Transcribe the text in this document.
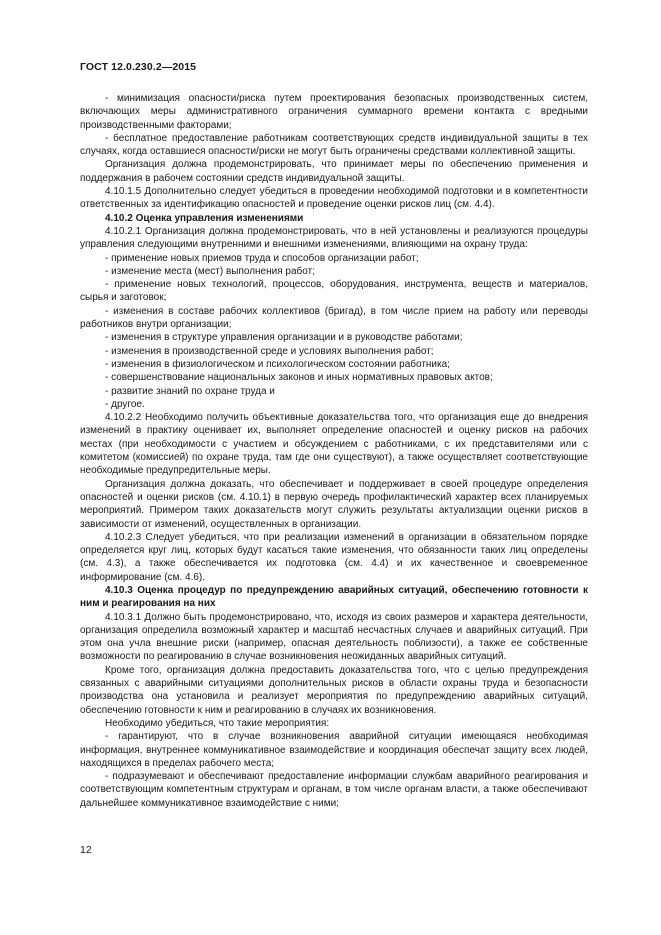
ГОСТ 12.0.230.2—2015

- минимизация опасности/риска путем проектирования безопасных производственных систем, включающих меры административного ограничения суммарного времени контакта с вредными производственными факторами;

- бесплатное предоставление работникам соответствующих средств индивидуальной защиты в тех случаях, когда оставшиеся опасности/риски не могут быть ограничены средствами коллективной защиты.

Организация должна продемонстрировать, что принимает меры по обеспечению применения и поддержания в рабочем состоянии средств индивидуальной защиты.

4.10.1.5 Дополнительно следует убедиться в проведении необходимой подготовки и в компетентности ответственных за идентификацию опасностей и проведение оценки рисков лиц (см. 4.4).

4.10.2 Оценка управления изменениями

4.10.2.1 Организация должна продемонстрировать, что в ней установлены и реализуются процедуры управления следующими внутренними и внешними изменениями, влияющими на охрану труда:

- применение новых приемов труда и способов организации работ;

- изменение места (мест) выполнения работ;

- применение новых технологий, процессов, оборудования, инструмента, веществ и материалов, сырья и заготовок;

- изменения в составе рабочих коллективов (бригад), в том числе прием на работу или переводы работников внутри организации;

- изменения в структуре управления организации и в руководстве работами;

- изменения в производственной среде и условиях выполнения работ;

- изменения в физиологическом и психологическом состоянии работника;

- совершенствование национальных законов и иных нормативных правовых актов;

- развитие знаний по охране труда и

- другое.

4.10.2.2 Необходимо получить объективные доказательства того, что организация еще до внедрения изменений в практику оценивает их, выполняет определение опасностей и оценку рисков на рабочих местах (при необходимости с участием и обсуждением с работниками, с их представителями или с комитетом (комиссией) по охране труда, там где они существуют), а также осуществляет соответствующие необходимые предупредительные меры.

Организация должна доказать, что обеспечивает и поддерживает в своей процедуре определения опасностей и оценки рисков (см. 4.10.1) в первую очередь профилактический характер всех планируемых мероприятий. Примером таких доказательств могут служить результаты актуализации оценки рисков в зависимости от изменений, осуществленных в организации.

4.10.2.3 Следует убедиться, что при реализации изменений в организации в обязательном порядке определяется круг лиц, которых будут касаться такие изменения, что обязанности таких лиц определены (см. 4.3), а также обеспечивается их подготовка (см. 4.4) и их качественное и своевременное информирование (см. 4.6).

4.10.3 Оценка процедур по предупреждению аварийных ситуаций, обеспечению готовности к ним и реагирования на них

4.10.3.1 Должно быть продемонстрировано, что, исходя из своих размеров и характера деятельности, организация определила возможный характер и масштаб несчастных случаев и аварийных ситуаций. При этом она учла внешние риски (например, опасная деятельность поблизости), а также ее собственные возможности по реагированию в случае возникновения неожиданных аварийных ситуаций.

Кроме того, организация должна предоставить доказательства того, что с целью предупреждения связанных с аварийными ситуациями дополнительных рисков в области охраны труда и безопасности производства она установила и реализует мероприятия по предупреждению аварийных ситуаций, обеспечению готовности к ним и реагированию в случаях их возникновения.

Необходимо убедиться, что такие мероприятия:

- гарантируют, что в случае возникновения аварийной ситуации имеющаяся необходимая информация, внутреннее коммуникативное взаимодействие и координация обеспечат защиту всех людей, находящихся в пределах рабочего места;

- подразумевают и обеспечивают предоставление информации службам аварийного реагирования и соответствующим компетентным структурам и органам, в том числе органам власти, а также обеспечивают дальнейшее коммуникативное взаимодействие с ними;

12
